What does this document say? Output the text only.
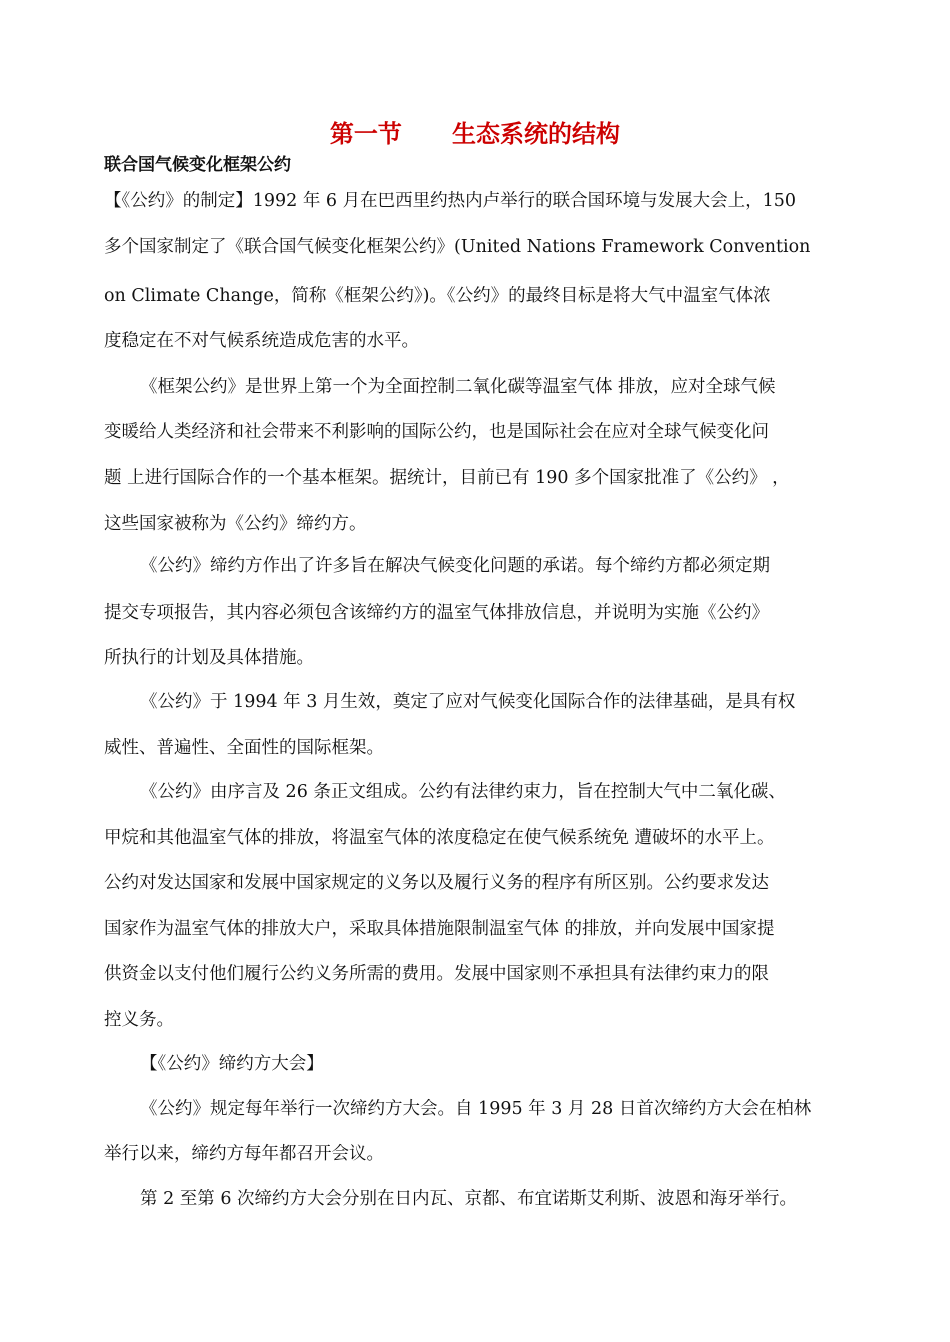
第一节      生态系统的结构
联合国气候变化框架公约
【《公约》的制定】1992 年 6 月在巴西里约热内卢举行的联合国环境与发展大会上，150
多个国家制定了《联合国气候变化框架公约》(United Nations Framework Convention
on Climate Change，简称《框架公约》)。《公约》的最终目标是将大气中温室气体浓
度稳定在不对气候系统造成危害的水平。
《框架公约》是世界上第一个为全面控制二氧化碳等温室气体 排放，应对全球气候
变暖给人类经济和社会带来不利影响的国际公约，也是国际社会在应对全球气候变化问
题 上进行国际合作的一个基本框架。据统计，目前已有 190 多个国家批准了《公约》 ，
这些国家被称为《公约》缔约方。
《公约》缔约方作出了许多旨在解决气候变化问题的承诺。每个缔约方都必须定期
提交专项报告，其内容必须包含该缔约方的温室气体排放信息，并说明为实施《公约》
所执行的计划及具体措施。
《公约》于 1994 年 3 月生效，奠定了应对气候变化国际合作的法律基础，是具有权
威性、普遍性、全面性的国际框架。
《公约》由序言及 26 条正文组成。公约有法律约束力，旨在控制大气中二氧化碳、
甲烷和其他温室气体的排放，将温室气体的浓度稳定在使气候系统免 遭破坏的水平上。
公约对发达国家和发展中国家规定的义务以及履行义务的程序有所区别。公约要求发达
国家作为温室气体的排放大户，采取具体措施限制温室气体 的排放，并向发展中国家提
供资金以支付他们履行公约义务所需的费用。发展中国家则不承担具有法律约束力的限
控义务。
【《公约》缔约方大会】
《公约》规定每年举行一次缔约方大会。自 1995 年 3 月 28 日首次缔约方大会在柏林
举行以来，缔约方每年都召开会议。
第 2 至第 6 次缔约方大会分别在日内瓦、京都、布宜诺斯艾利斯、波恩和海牙举行。
